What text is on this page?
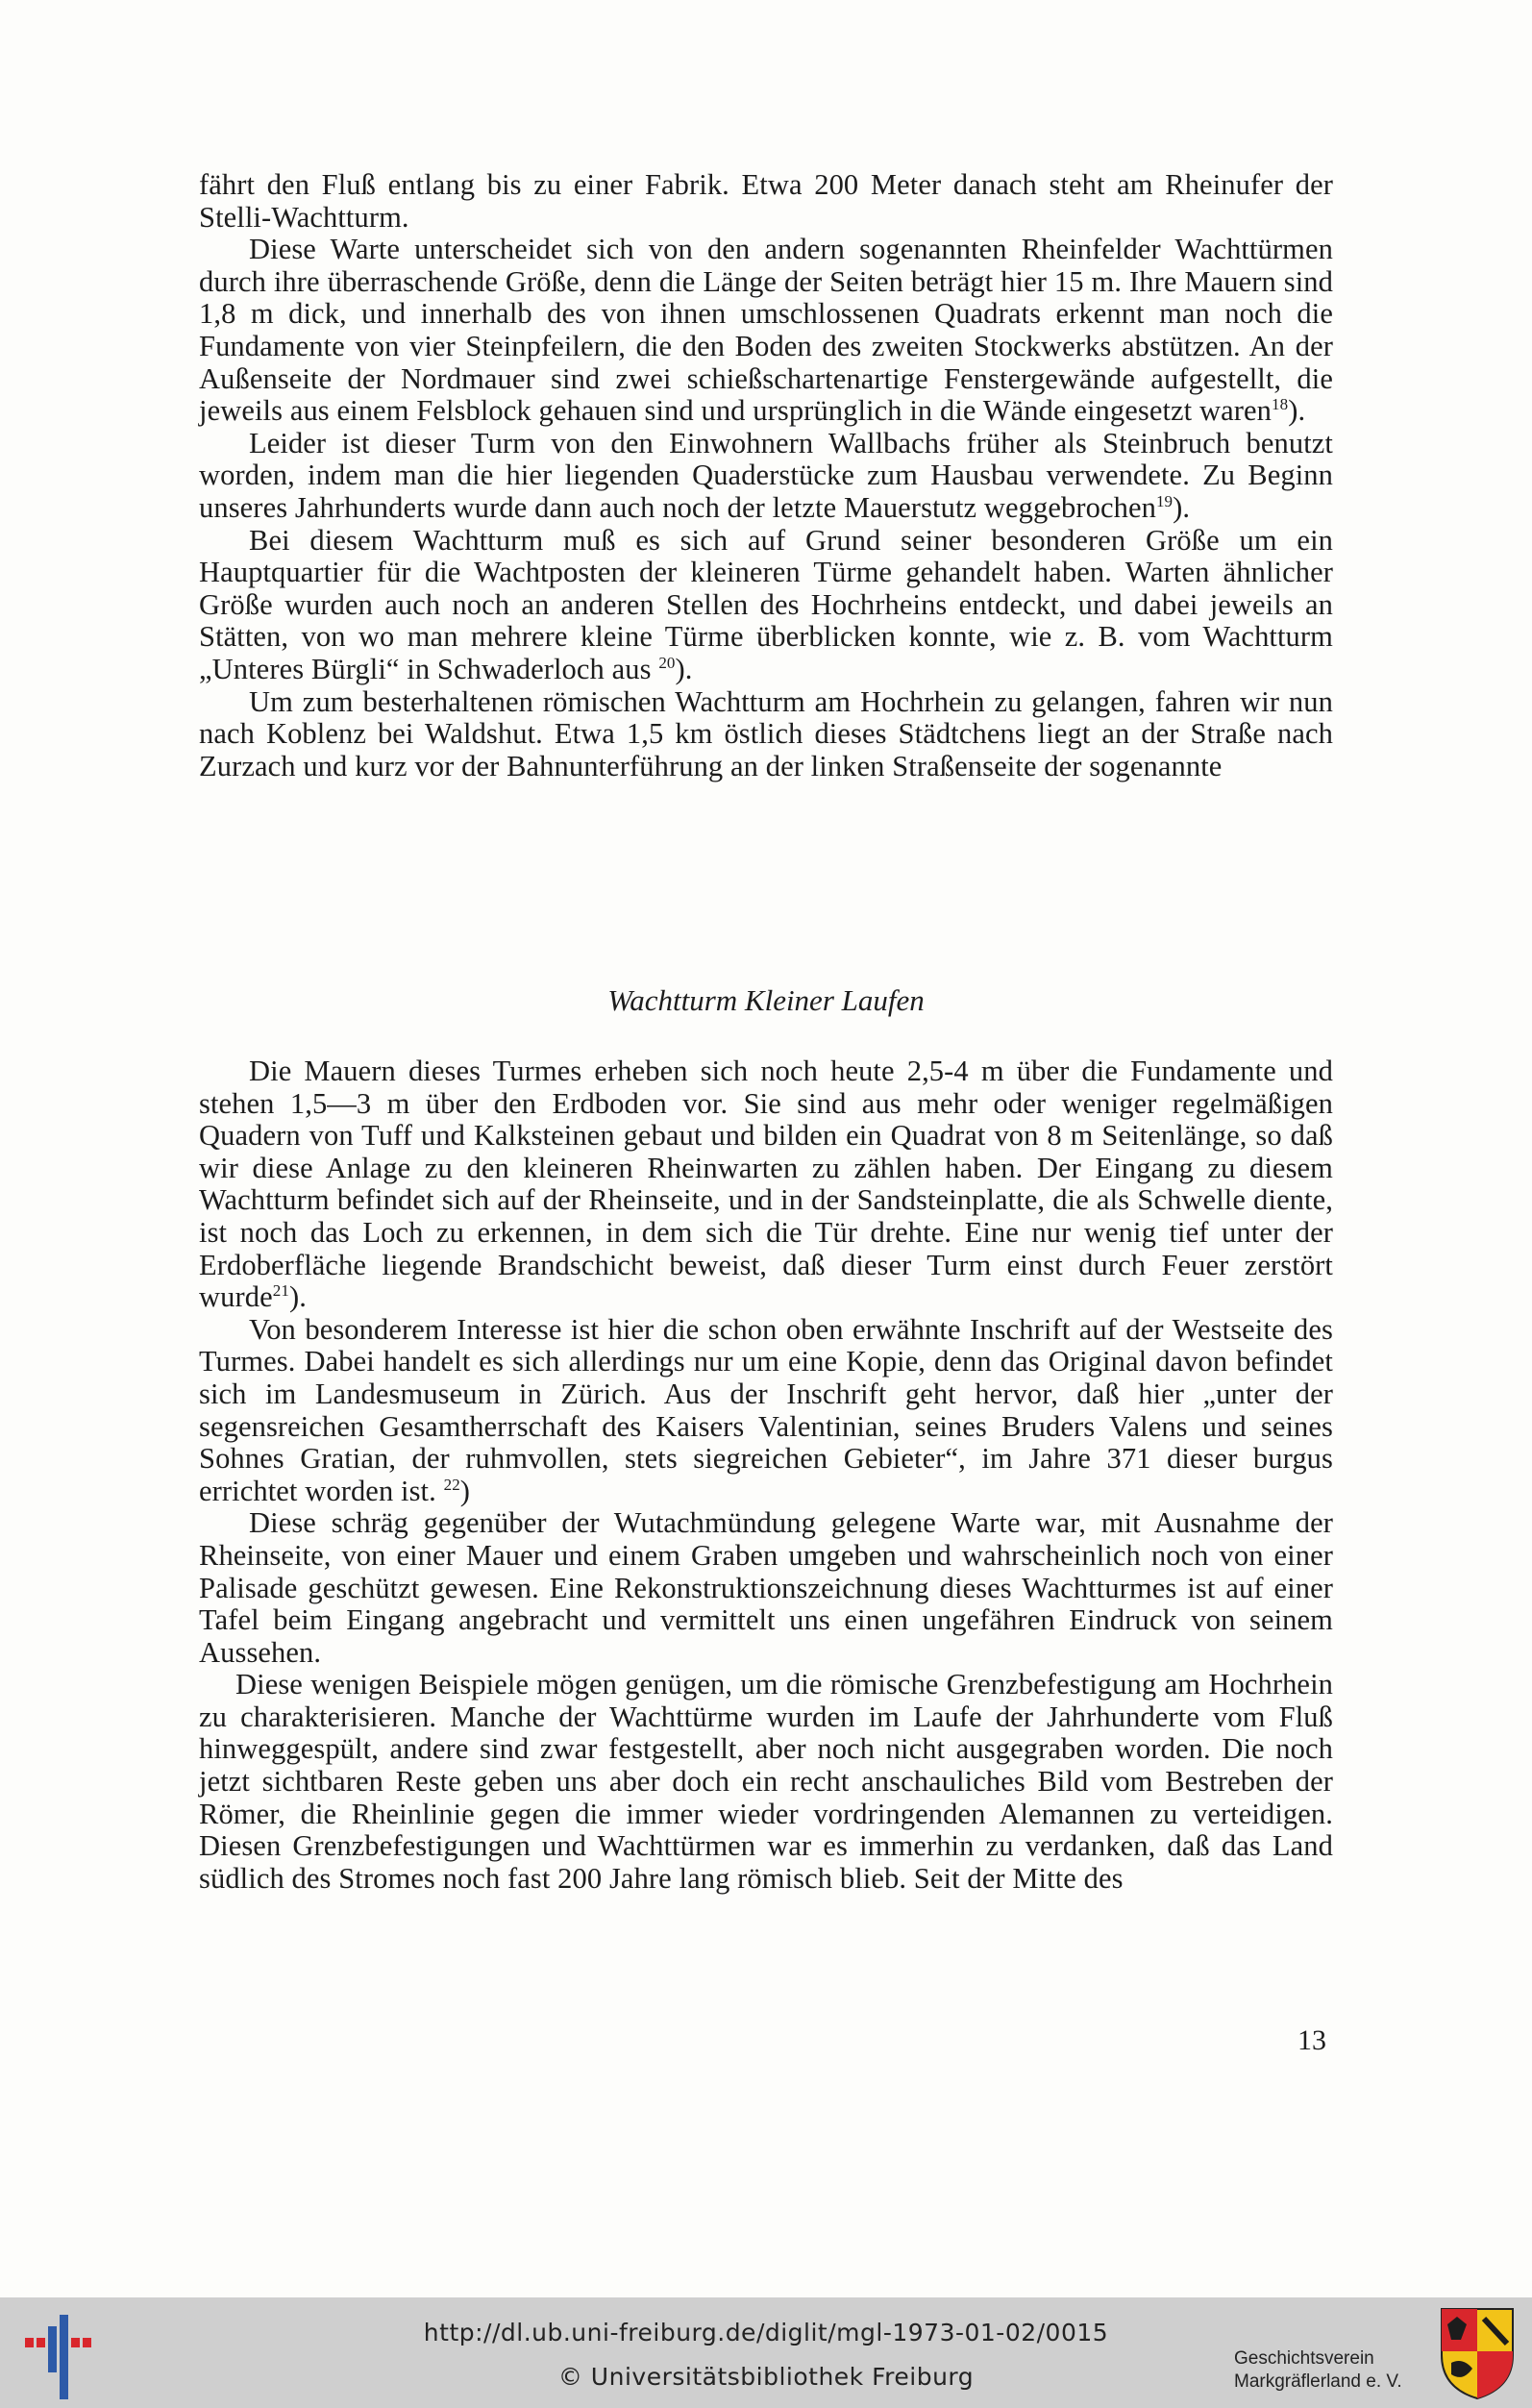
fährt den Fluß entlang bis zu einer Fabrik. Etwa 200 Meter danach steht am Rheinufer der Stelli-Wachtturm.

Diese Warte unterscheidet sich von den andern sogenannten Rheinfelder Wachttürmen durch ihre überraschende Größe, denn die Länge der Seiten beträgt hier 15 m. Ihre Mauern sind 1,8 m dick, und innerhalb des von ihnen umschlossenen Quadrats erkennt man noch die Fundamente von vier Steinpfeilern, die den Boden des zweiten Stockwerks abstützen. An der Außenseite der Nordmauer sind zwei schießschartenartige Fenstergewände aufgestellt, die jeweils aus einem Felsblock gehauen sind und ursprünglich in die Wände eingesetzt waren$^{18}$).

Leider ist dieser Turm von den Einwohnern Wallbachs früher als Steinbruch benutzt worden, indem man die hier liegenden Quaderstücke zum Hausbau verwendete. Zu Beginn unseres Jahrhunderts wurde dann auch noch der letzte Mauerstutz weggebrochen$^{19}$).

Bei diesem Wachtturm muß es sich auf Grund seiner besonderen Größe um ein Hauptquartier für die Wachtposten der kleineren Türme gehandelt haben. Warten ähnlicher Größe wurden auch noch an anderen Stellen des Hochrheins entdeckt, und dabei jeweils an Stätten, von wo man mehrere kleine Türme überblicken konnte, wie z. B. vom Wachtturm „Unteres Bürgli“ in Schwaderloch aus $^{20}$).

Um zum besterhaltenen römischen Wachtturm am Hochrhein zu gelangen, fahren wir nun nach Koblenz bei Waldshut. Etwa 1,5 km östlich dieses Städtchens liegt an der Straße nach Zurzach und kurz vor der Bahnunterführung an der linken Straßenseite der sogenannte

Wachtturm Kleiner Laufen

Die Mauern dieses Turmes erheben sich noch heute 2,5-4 m über die Fundamente und stehen 1,5—3 m über den Erdboden vor. Sie sind aus mehr oder weniger regelmäßigen Quadern von Tuff und Kalksteinen gebaut und bilden ein Quadrat von 8 m Seitenlänge, so daß wir diese Anlage zu den kleineren Rheinwarten zu zählen haben. Der Eingang zu diesem Wachtturm befindet sich auf der Rheinseite, und in der Sandsteinplatte, die als Schwelle diente, ist noch das Loch zu erkennen, in dem sich die Tür drehte. Eine nur wenig tief unter der Erdoberfläche liegende Brandschicht beweist, daß dieser Turm einst durch Feuer zerstört wurde$^{21}$).

Von besonderem Interesse ist hier die schon oben erwähnte Inschrift auf der Westseite des Turmes. Dabei handelt es sich allerdings nur um eine Kopie, denn das Original davon befindet sich im Landesmuseum in Zürich. Aus der Inschrift geht hervor, daß hier „unter der segensreichen Gesamtherrschaft des Kaisers Valentinian, seines Bruders Valens und seines Sohnes Gratian, der ruhmvollen, stets siegreichen Gebieter“, im Jahre 371 dieser burgus errichtet worden ist. $^{22}$)

Diese schräg gegenüber der Wutachmündung gelegene Warte war, mit Ausnahme der Rheinseite, von einer Mauer und einem Graben umgeben und wahrscheinlich noch von einer Palisade geschützt gewesen. Eine Rekonstruktionszeichnung dieses Wachtturmes ist auf einer Tafel beim Eingang angebracht und vermittelt uns einen ungefähren Eindruck von seinem Aussehen.

Diese wenigen Beispiele mögen genügen, um die römische Grenzbefestigung am Hochrhein zu charakterisieren. Manche der Wachttürme wurden im Laufe der Jahrhunderte vom Fluß hinweggespült, andere sind zwar festgestellt, aber noch nicht ausgegraben worden. Die noch jetzt sichtbaren Reste geben uns aber doch ein recht anschauliches Bild vom Bestreben der Römer, die Rheinlinie gegen die immer wieder vordringenden Alemannen zu verteidigen. Diesen Grenzbefestigungen und Wachttürmen war es immerhin zu verdanken, daß das Land südlich des Stromes noch fast 200 Jahre lang römisch blieb. Seit der Mitte des

13
http://dl.ub.uni-freiburg.de/diglit/mgl-1973-01-02/0015
© Universitätsbibliothek Freiburg
Geschichtsverein
Markgräflerland e. V.
